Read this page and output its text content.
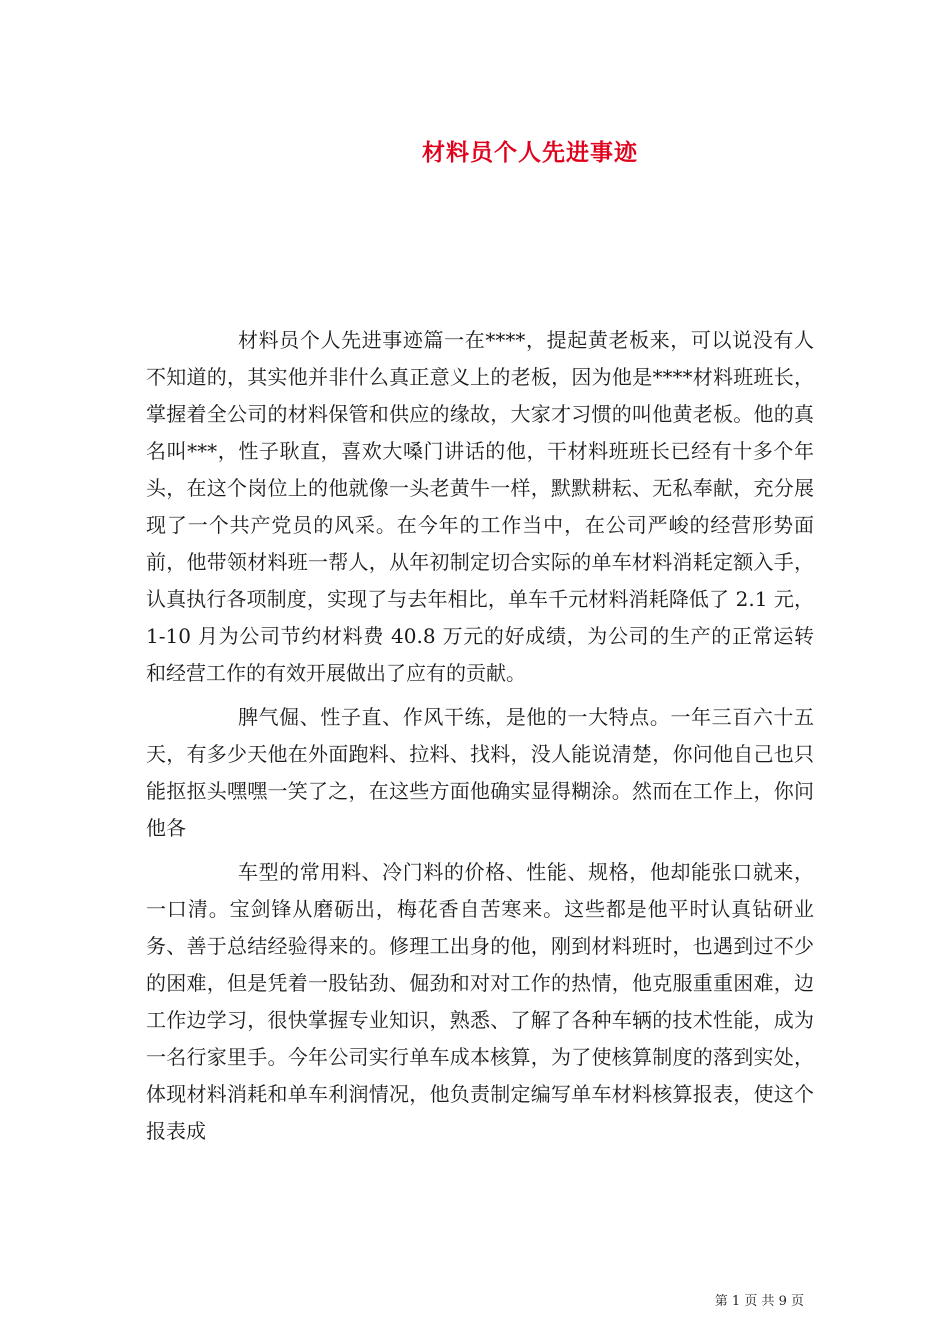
材料员个人先进事迹

材料员个人先进事迹篇一在****，提起黄老板来，可以说没有人不知道的，其实他并非什么真正意义上的老板，因为他是****材料班班长，掌握着全公司的材料保管和供应的缘故，大家才习惯的叫他黄老板。他的真名叫***，性子耿直，喜欢大嗓门讲话的他，干材料班班长已经有十多个年头，在这个岗位上的他就像一头老黄牛一样，默默耕耘、无私奉献，充分展现了一个共产党员的风采。在今年的工作当中，在公司严峻的经营形势面前，他带领材料班一帮人，从年初制定切合实际的单车材料消耗定额入手，认真执行各项制度，实现了与去年相比，单车千元材料消耗降低了 2.1 元，1-10 月为公司节约材料费 40.8 万元的好成绩，为公司的生产的正常运转和经营工作的有效开展做出了应有的贡献。

脾气倔、性子直、作风干练，是他的一大特点。一年三百六十五天，有多少天他在外面跑料、拉料、找料，没人能说清楚，你问他自己也只能抠抠头嘿嘿一笑了之，在这些方面他确实显得糊涂。然而在工作上，你问他各

车型的常用料、冷门料的价格、性能、规格，他却能张口就来，一口清。宝剑锋从磨砺出，梅花香自苦寒来。这些都是他平时认真钻研业务、善于总结经验得来的。修理工出身的他，刚到材料班时，也遇到过不少的困难，但是凭着一股钻劲、倔劲和对对工作的热情，他克服重重困难，边工作边学习，很快掌握专业知识，熟悉、了解了各种车辆的技术性能，成为一名行家里手。今年公司实行单车成本核算，为了使核算制度的落到实处，体现材料消耗和单车利润情况，他负责制定编写单车材料核算报表，使这个报表成

第 1 页 共 9 页
